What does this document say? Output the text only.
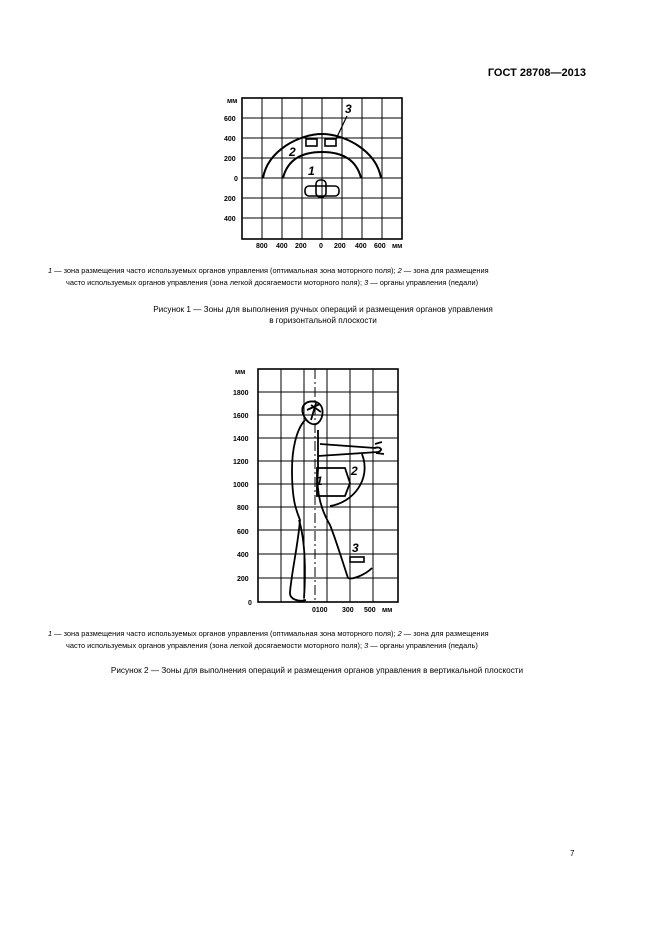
ГОСТ 28708—2013
3
2
1
мм
600
400
200
0
200
400
800 400 200 0 200 400 600 мм
1
2
3
мм
1800
1600
1400
1200
1000
800
600
400
200
0
0100 300 500 мм
1 — зона размещения часто используемых органов управления (оптимальная зона моторного поля); 2 — зона для размещения
часто используемых органов управления (зона легкой досягаемости моторного поля); 3 — органы управления (педали)
Рисунок 1 — Зоны для выполнения ручных операций и размещения органов управления
в горизонтальной плоскости
1 — зона размещения часто используемых органов управления (оптимальная зона моторного поля); 2 — зона для размещения
часто используемых органов управления (зона легкой досягаемости моторного поля); 3 — органы управления (педаль)
Рисунок 2 — Зоны для выполнения операций и размещения органов управления в вертикальной плоскости
7
